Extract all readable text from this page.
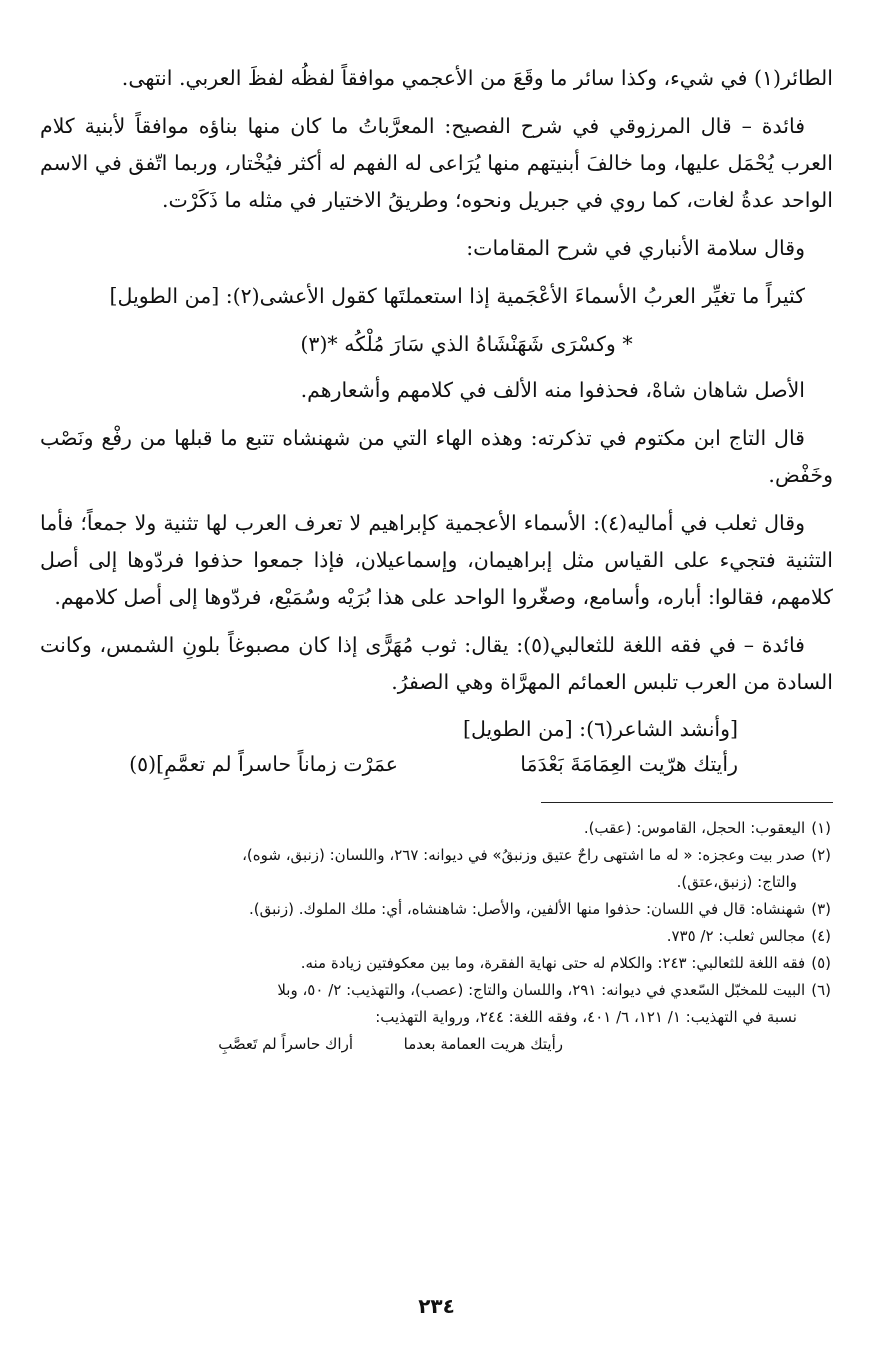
الطائر(١) في شيء، وكذا سائر ما وقَعَ من الأعجمي موافقاً لفظُه لفظَ العربي. انتهى.

فائدة – قال المرزوقي في شرح الفصيح: المعرَّباتُ ما كان منها بناؤه موافقاً لأبنية كلام العرب يُحْمَل عليها، وما خالفَ أبنيتهم منها يُرَاعى له الفهم له أكثر فيُخْتار، وربما اتّفق في الاسم الواحد عدةُ لغات، كما روي في جبريل ونحوه؛ وطريقُ الاختيار في مثله ما ذَكَرْت.

وقال سلامة الأنباري في شرح المقامات:

كثيراً ما تغيِّر العربُ الأسماءَ الأعْجَمية إذا استعملتَها كقول الأعشى(٢): [من الطويل]

* وكسْرَى شَهَنْشَاهُ الذي سَارَ مُلْكُه *(٣)

الأصل شاهان شاهْ، فحذفوا منه الألف في كلامهم وأشعارهم.

قال التاج ابن مكتوم في تذكرته: وهذه الهاء التي من شهنشاه تتبع ما قبلها من رفْع ونَصْب وخَفْض.

وقال ثعلب في أماليه(٤): الأسماء الأعجمية كإبراهيم لا تعرف العرب لها تثنية ولا جمعاً؛ فأما التثنية فتجيء على القياس مثل إبراهيمان، وإسماعيلان، فإذا جمعوا حذفوا فردّوها إلى أصل كلامهم، فقالوا: أباره، وأسامع، وصغّروا الواحد على هذا بُرَيْه وسُمَيْع، فردّوها إلى أصل كلامهم.

فائدة – في فقه اللغة للثعالبي(٥): يقال: ثوب مُهَرًّى إذا كان مصبوغاً بلونِ الشمس، وكانت السادة من العرب تلبس العمائم المهرَّاة وهي الصفرُ.

[وأنشد الشاعر(٦): [من الطويل]

رأيتك هرّيت العِمَامَةَ بَعْدَمَا
عمَرْت زماناً حاسراً لم تعمَّمِ](٥)

(١)اليعقوب: الحجل، القاموس: (عقب).

(٢)صدر بيت وعجزه: « له ما اشتهى راحٌ عتيق وزنبقُ» في ديوانه: ٢٦٧، واللسان: (زنبق، شوه)،

والتاج: (زنبق،عتق).

(٣)شهنشاه: قال في اللسان: حذفوا منها الألفين، والأصل: شاهنشاه، أي: ملك الملوك. (زنبق).

(٤)مجالس ثعلب: ٢/ ٧٣٥.

(٥)فقه اللغة للثعالبي: ٢٤٣: والكلام له حتى نهاية الفقرة، وما بين معكوفتين زيادة منه.

(٦)البيت للمخبّل السّعدي في ديوانه: ٢٩١، واللسان والتاج: (عصب)، والتهذيب: ٢/ ٥٠، وبلا

نسبة في التهذيب: ١/ ١٢١، ٦/ ٤٠١، وفقه اللغة: ٢٤٤، ورواية التهذيب:

رأيتك هريت العمامة بعدما
أراك حاسراً لم تَعصَّبِ
٢٣٤
